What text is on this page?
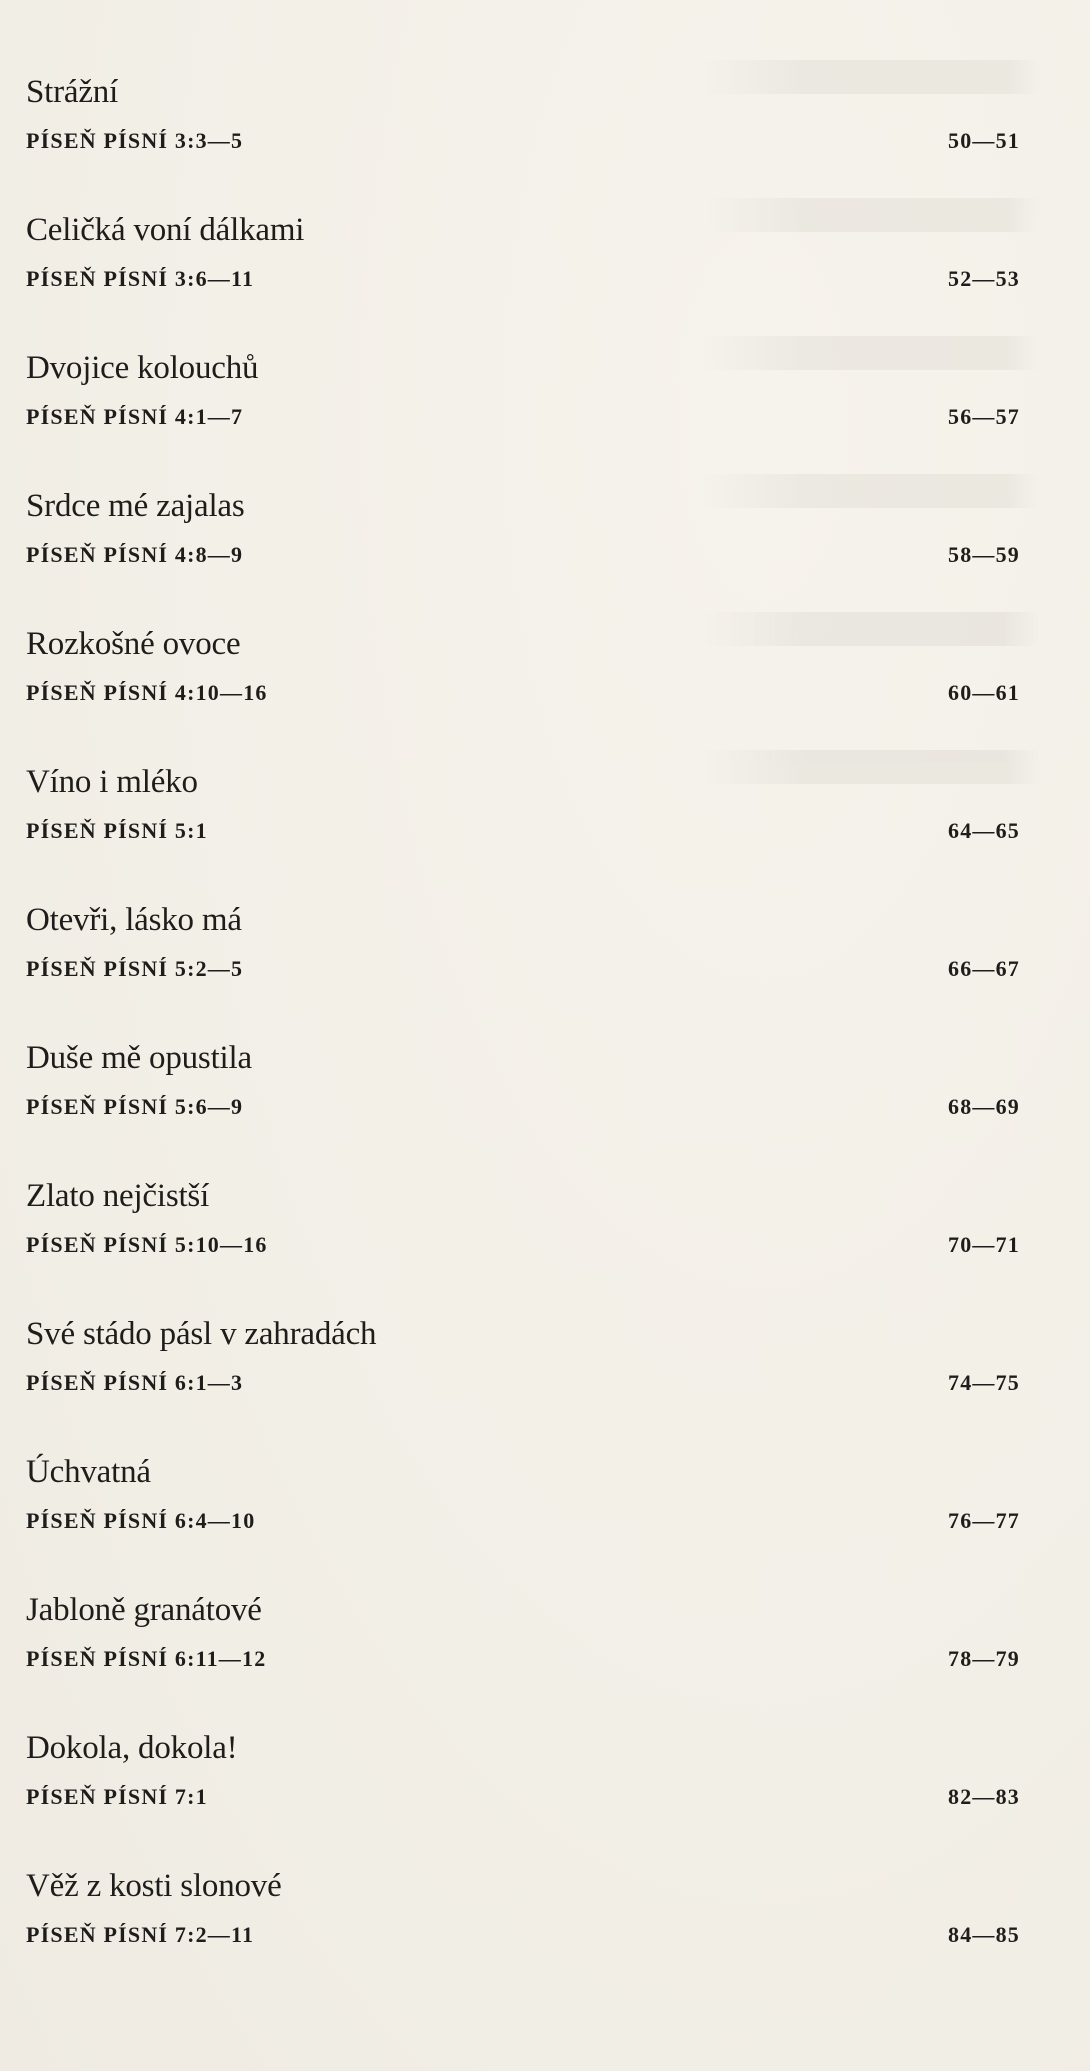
Strážní
PÍSEŇ PÍSNÍ 3:3—5	50—51
Celičká voní dálkami
PÍSEŇ PÍSNÍ 3:6—11	52—53
Dvojice kolouchů
PÍSEŇ PÍSNÍ 4:1—7	56—57
Srdce mé zajalas
PÍSEŇ PÍSNÍ 4:8—9	58—59
Rozkošné ovoce
PÍSEŇ PÍSNÍ 4:10—16	60—61
Víno i mléko
PÍSEŇ PÍSNÍ 5:1	64—65
Otevři, lásko má
PÍSEŇ PÍSNÍ 5:2—5	66—67
Duše mě opustila
PÍSEŇ PÍSNÍ 5:6—9	68—69
Zlato nejčistší
PÍSEŇ PÍSNÍ 5:10—16	70—71
Své stádo pásl v zahradách
PÍSEŇ PÍSNÍ 6:1—3	74—75
Úchvatná
PÍSEŇ PÍSNÍ 6:4—10	76—77
Jabloně granátové
PÍSEŇ PÍSNÍ 6:11—12	78—79
Dokola, dokola!
PÍSEŇ PÍSNÍ 7:1	82—83
Věž z kosti slonové
PÍSEŇ PÍSNÍ 7:2—11	84—85
